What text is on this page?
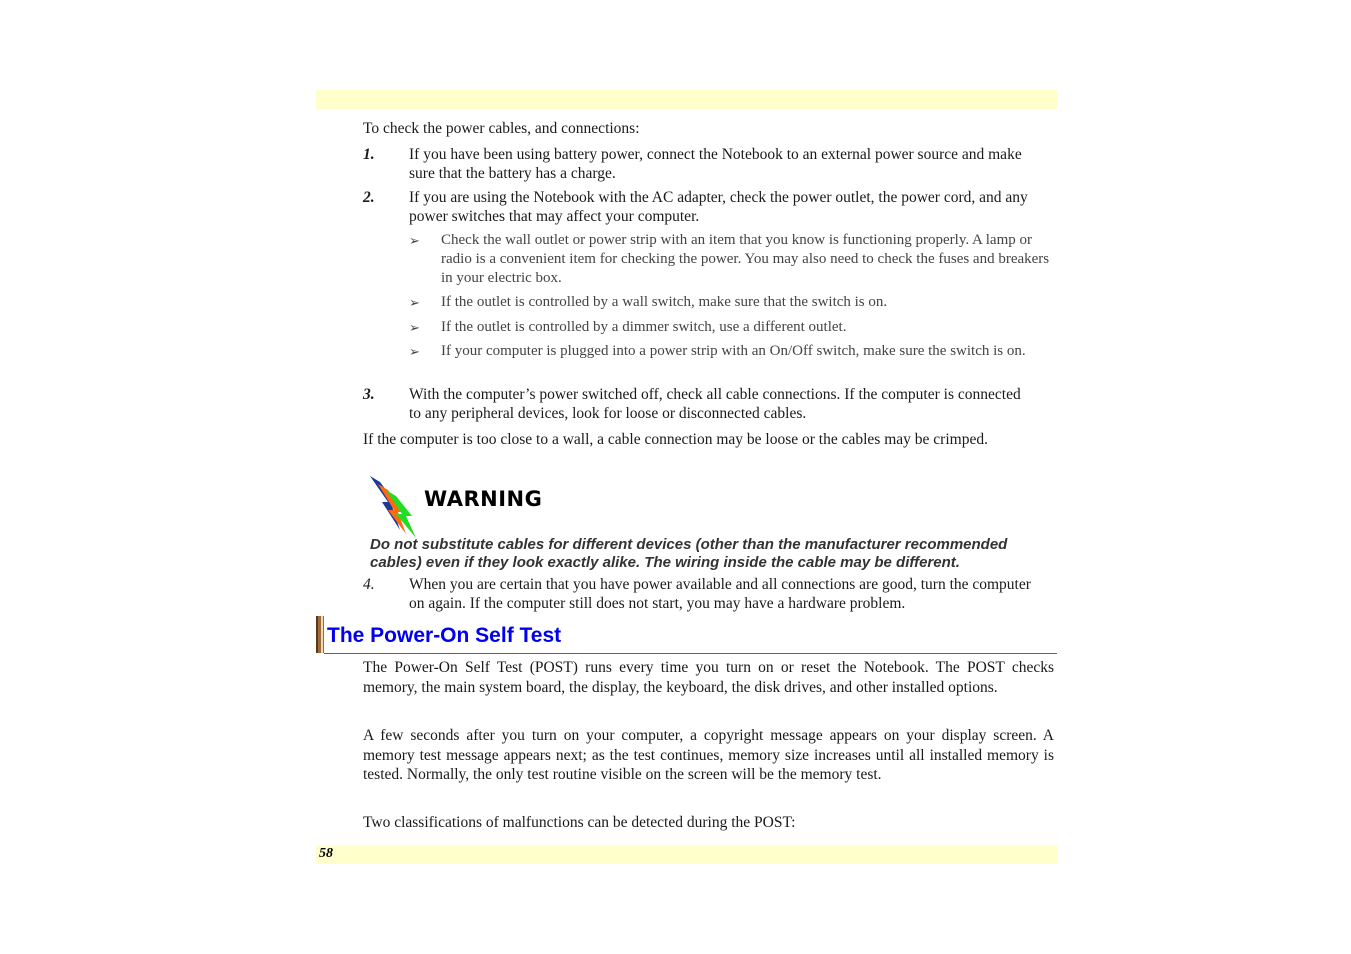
To check the power cables, and connections:
1. If you have been using battery power, connect the Notebook to an external power source and make sure that the battery has a charge.
2. If you are using the Notebook with the AC adapter, check the power outlet, the power cord, and any power switches that may affect your computer.
➢ Check the wall outlet or power strip with an item that you know is functioning properly. A lamp or radio is a convenient item for checking the power. You may also need to check the fuses and breakers in your electric box.
➢ If the outlet is controlled by a wall switch, make sure that the switch is on.
➢ If the outlet is controlled by a dimmer switch, use a different outlet.
➢ If your computer is plugged into a power strip with an On/Off switch, make sure the switch is on.
3. With the computer’s power switched off, check all cable connections. If the computer is connected to any peripheral devices, look for loose or disconnected cables.
If the computer is too close to a wall, a cable connection may be loose or the cables may be crimped.
WARNING
Do not substitute cables for different devices (other than the manufacturer recommended cables) even if they look exactly alike. The wiring inside the cable may be different.
4. When you are certain that you have power available and all connections are good, turn the computer on again. If the computer still does not start, you may have a hardware problem.
The Power-On Self Test
The Power-On Self Test (POST) runs every time you turn on or reset the Notebook. The POST checks memory, the main system board, the display, the keyboard, the disk drives, and other installed options.
A few seconds after you turn on your computer, a copyright message appears on your display screen. A memory test message appears next; as the test continues, memory size increases until all installed memory is tested. Normally, the only test routine visible on the screen will be the memory test.
Two classifications of malfunctions can be detected during the POST:
58
